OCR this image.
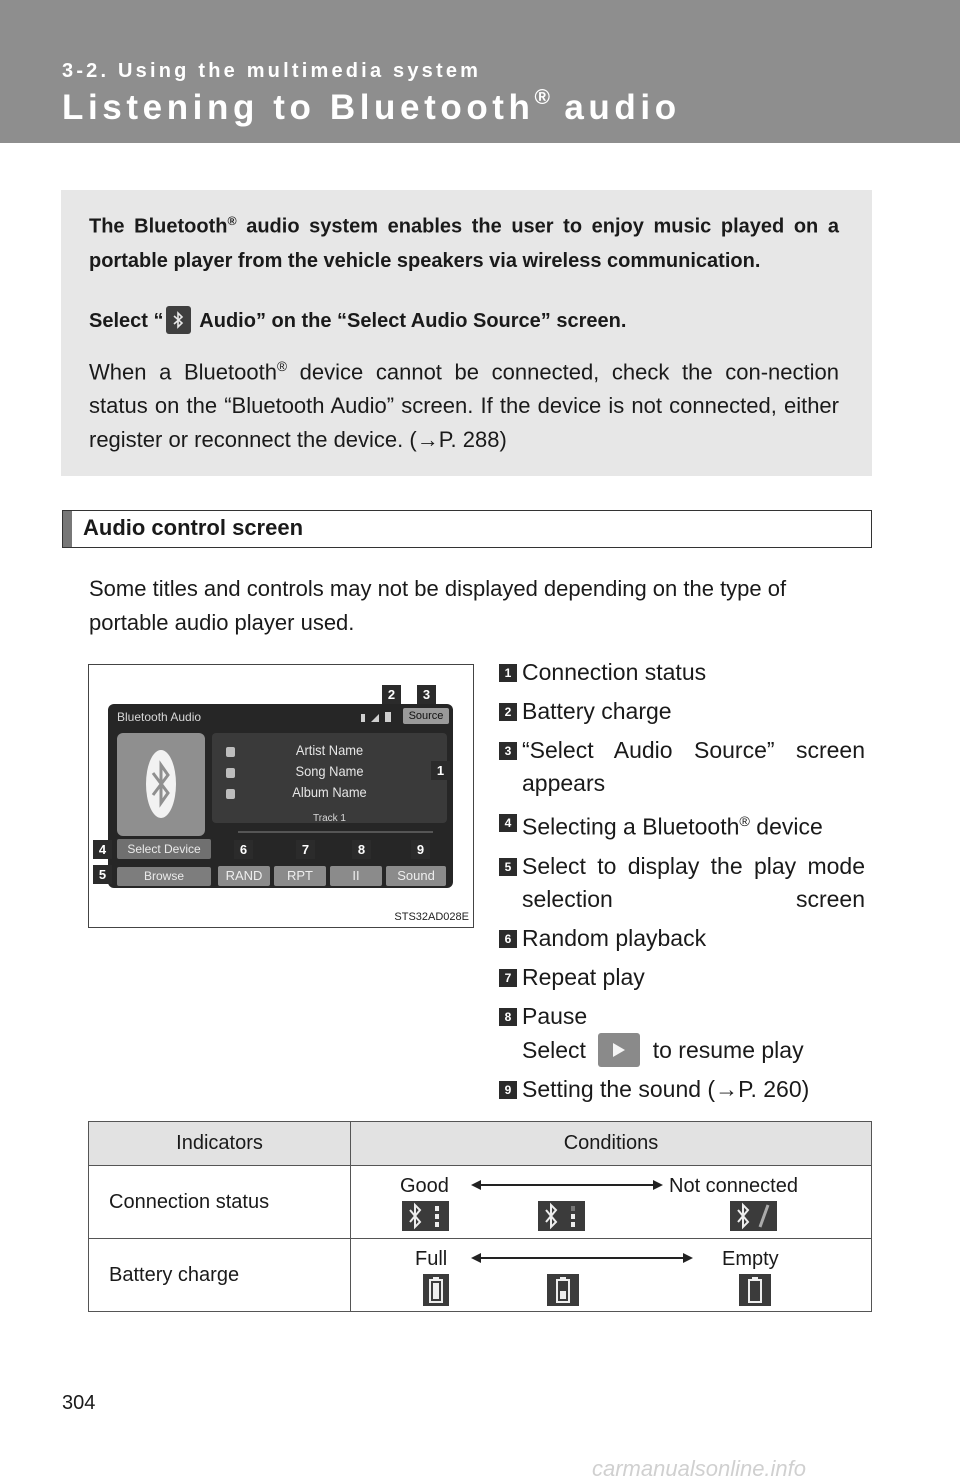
3-2. Using the multimedia system
Listening to Bluetooth® audio

The Bluetooth® audio system enables the user to enjoy music played on a portable player from the vehicle speakers via wireless communication.

Select “
Audio” on the “Select Audio Source” screen.

When a Bluetooth® device cannot be connected, check the con-nection status on the “Bluetooth Audio” screen. If the device is not connected, either register or reconnect the device. (→P. 288)

Audio control screen
Some titles and controls may not be displayed depending on the type of portable audio player used.
Bluetooth Audio	Source
Artist Name
Song Name
Album Name
Track 1
Select Device
Browse	RAND	RPT	II	Sound
1
2	3
4
5
6	7	8	9
STS32AD028E
1 Connection status
2 Battery charge
3 “Select Audio Source” screen appears
4 Selecting a Bluetooth® device
5 Select to display the play mode selection screen
6 Random playback
7 Repeat play
8 Pause
Select  to resume play
9 Setting the sound (→P. 260)
Indicators	Conditions
Connection status	Good Not connected

Battery charge	Full Empty
304
carmanualsonline.info
